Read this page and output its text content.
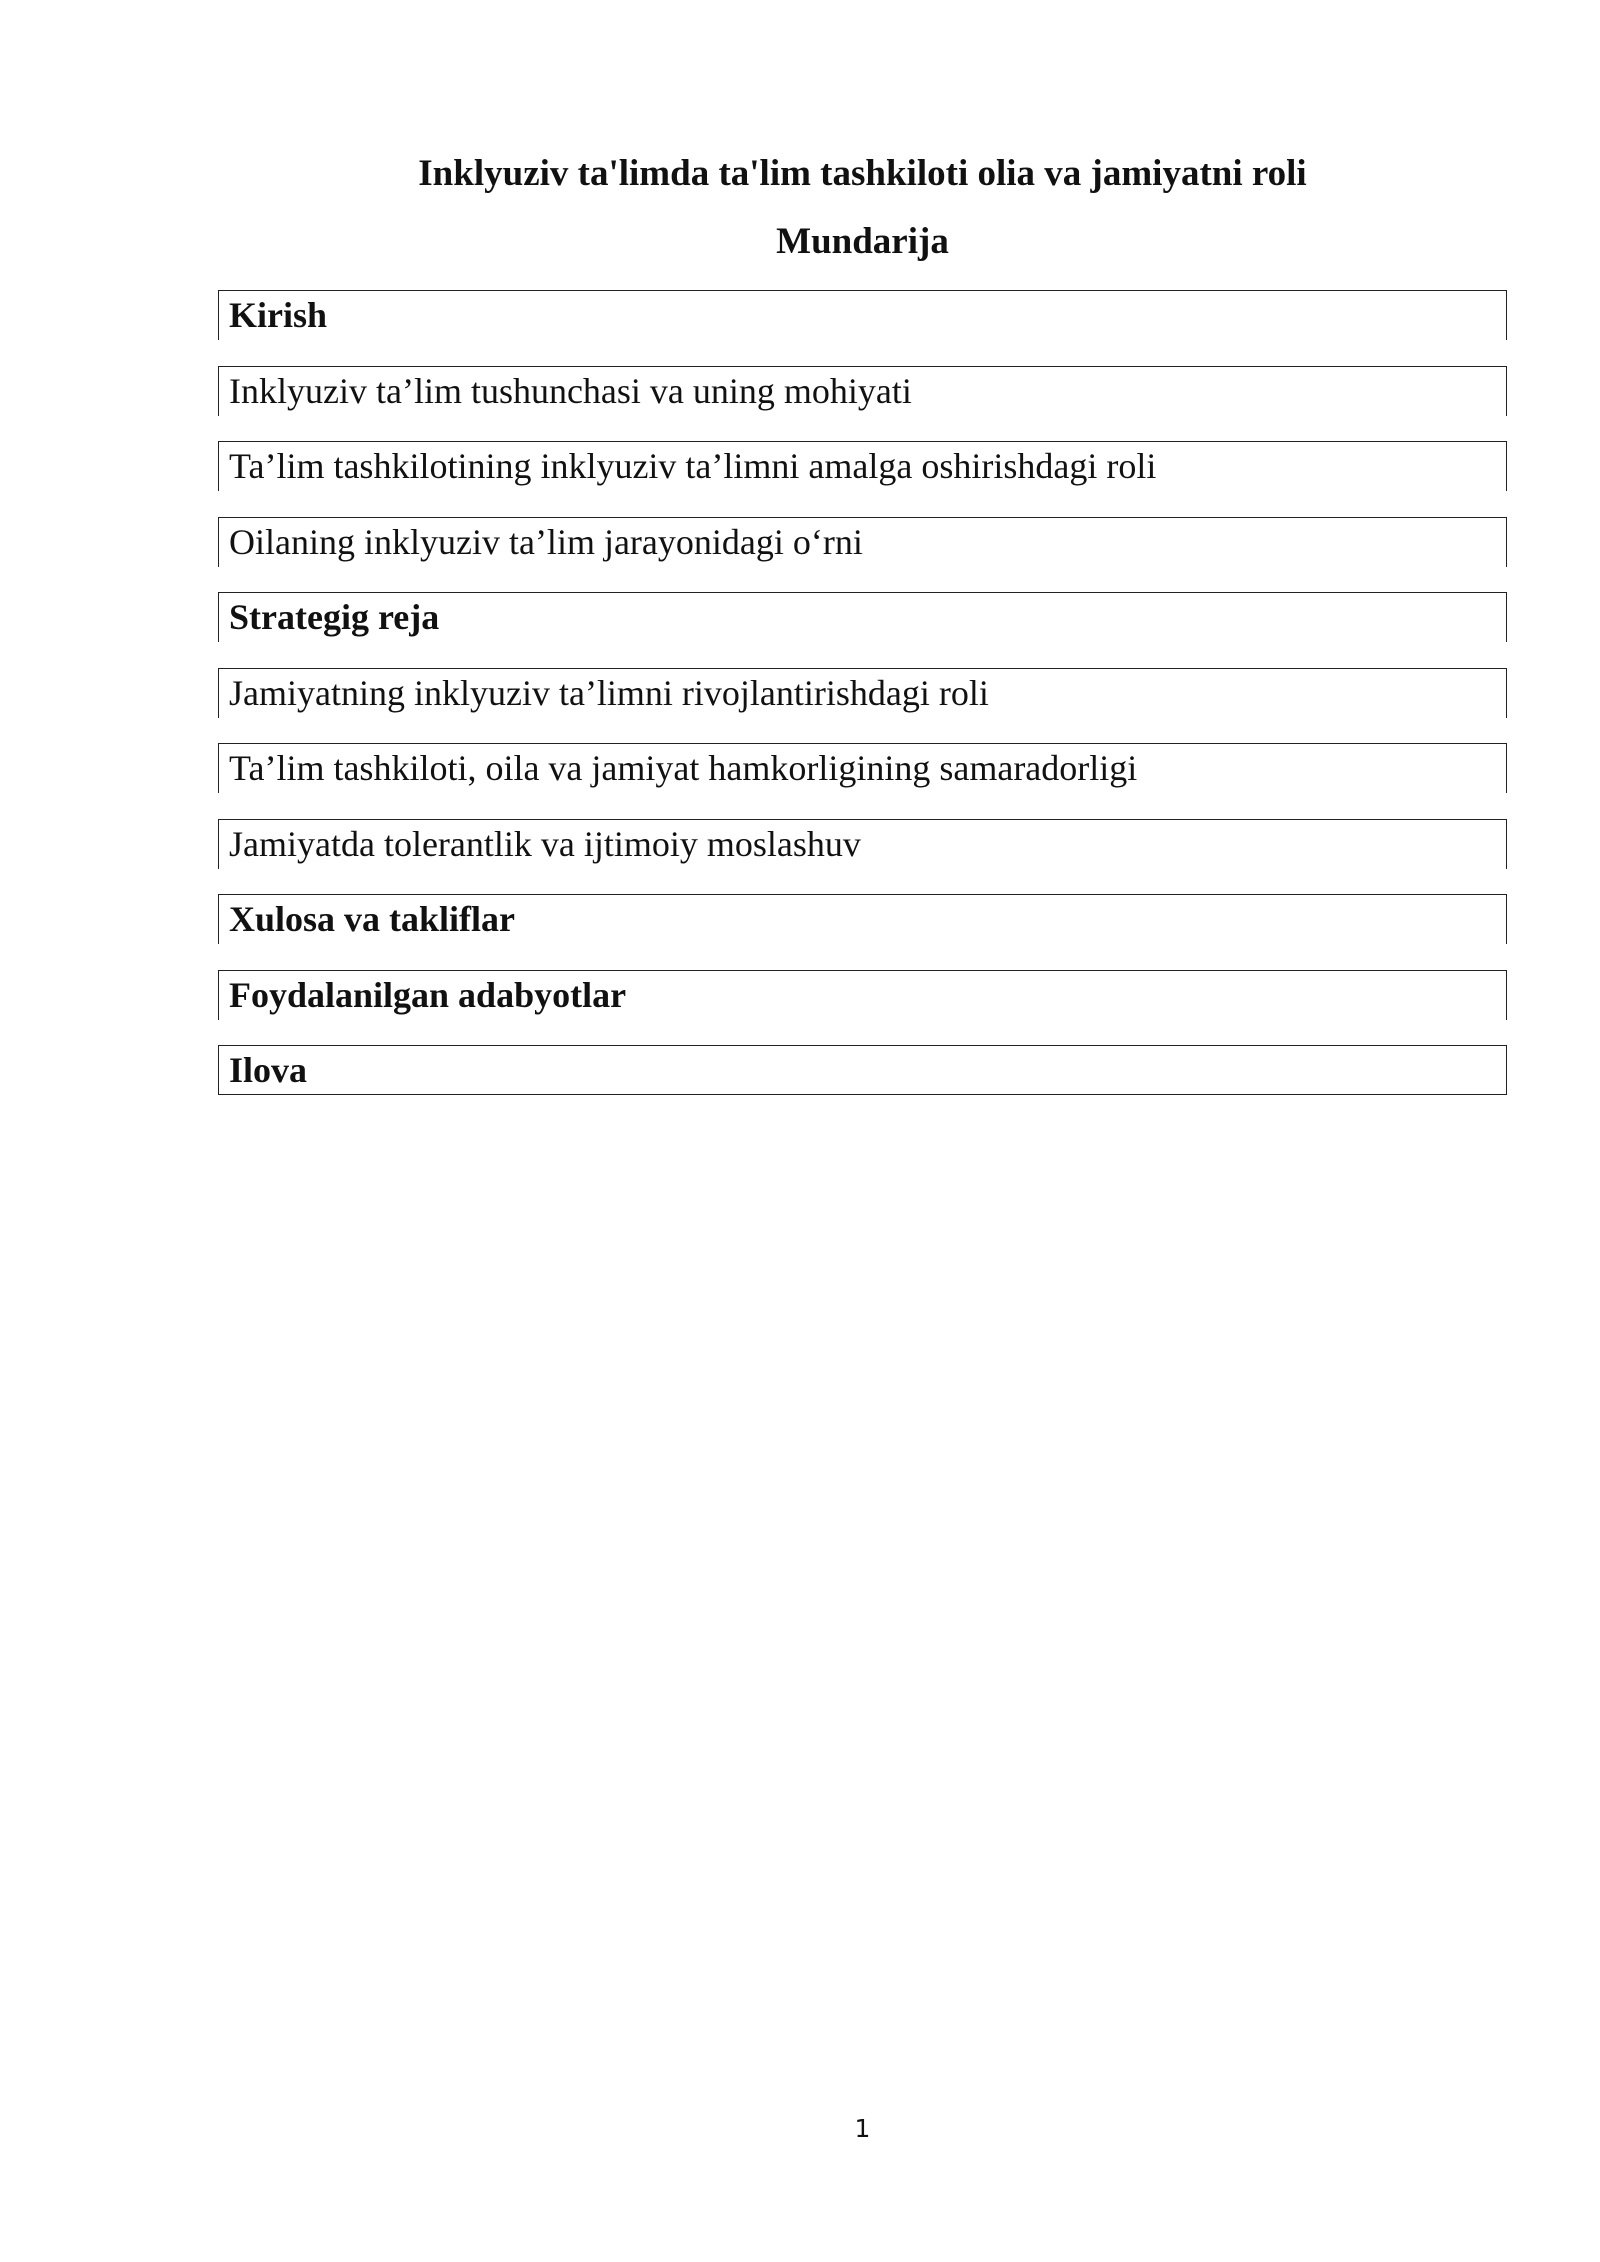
Inklyuziv ta'limda ta'lim tashkiloti olia va jamiyatni roli
Mundarija
Kirish
Inklyuziv ta’lim tushunchasi va uning mohiyati
Ta’lim tashkilotining inklyuziv ta’limni amalga oshirishdagi roli
Oilaning inklyuziv ta’lim jarayonidagi o‘rni
Strategig reja
Jamiyatning inklyuziv ta’limni rivojlantirishdagi roli
Ta’lim tashkiloti, oila va jamiyat hamkorligining samaradorligi
Jamiyatda tolerantlik va ijtimoiy moslashuv
Xulosa va takliflar
Foydalanilgan adabyotlar
Ilova
1
